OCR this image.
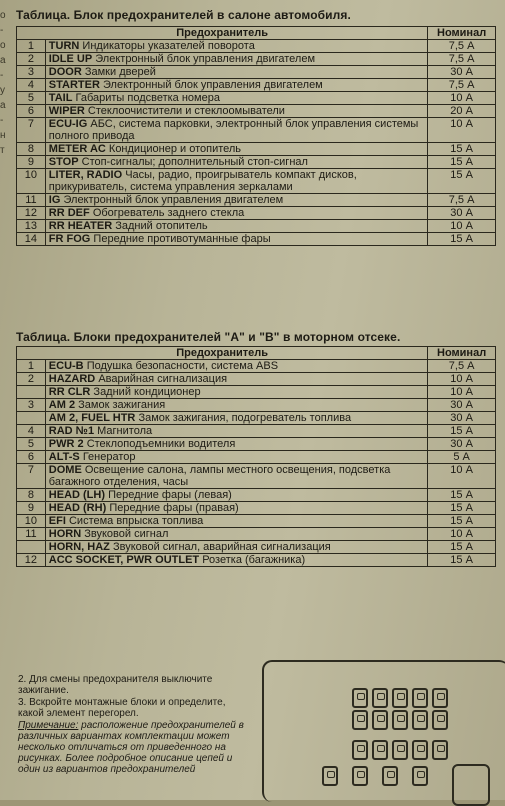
о
-
о
а
-
у
а
-
н
т
Таблица. Блок предохранителей в салоне автомобиля.
Предохранитель		Номинал
1	TURN Индикаторы указателей поворота	7,5 А
2	IDLE UP Электронный блок управления двигателем	7,5 А
3	DOOR Замки дверей	30 А
4	STARTER Электронный блок управления двигателем	7,5 А
5	TAIL Габариты подсветка номера	10 А
6	WIPER Стеклоочистители и стеклоомыватели	20 А
7	ECU-IG АБС, система парковки, электронный блок управления системы полного привода	10 А
8	METER AC Кондиционер и отопитель	15 А
9	STOP Стоп-сигналы; дополнительный стоп-сигнал	15 А
10	LITER, RADIO Часы, радио, проигрыватель компакт дисков, прикуриватель, система управления зеркалами	15 А
11	IG Электронный блок управления двигателем	7,5 А
12	RR DEF Обогреватель заднего стекла	30 А
13	RR HEATER Задний отопитель	10 А
14	FR FOG Передние противотуманные фары	15 А
Таблица. Блоки предохранителей "А" и "В" в моторном отсеке.
Предохранитель		Номинал
1	ECU-B Подушка безопасности, система ABS	7,5 А
2	HAZARD Аварийная сигнализация	10 А
	RR CLR Задний кондиционер	10 А
3	AM 2 Замок зажигания	30 А
	AM 2, FUEL HTR Замок зажигания, подогреватель топлива	30 А
4	RAD №1 Магнитола	15 А
5	PWR 2 Стеклоподъемники водителя	30 А
6	ALT-S Генератор	5 А
7	DOME Освещение салона, лампы местного освещения, подсветка багажного отделения, часы	10 А
8	HEAD (LH) Передние фары (левая)	15 А
9	HEAD (RH) Передние фары (правая)	15 А
10	EFI Система впрыска топлива	15 А
11	HORN Звуковой сигнал	10 А
	HORN, HAZ Звуковой сигнал, аварийная сигнализация	15 А
12	ACC SOCKET, PWR OUTLET Розетка (багажника)	15 А

2. Для смены предохранителя выключите зажигание.

3. Вскройте монтажные блоки и определите, какой элемент перегорел.

Примечание: расположение предохранителей в различных вариантах комплектации может несколько отличаться от приведенного на рисунках. Более подробное описание цепей и один из вариантов предохранителей
